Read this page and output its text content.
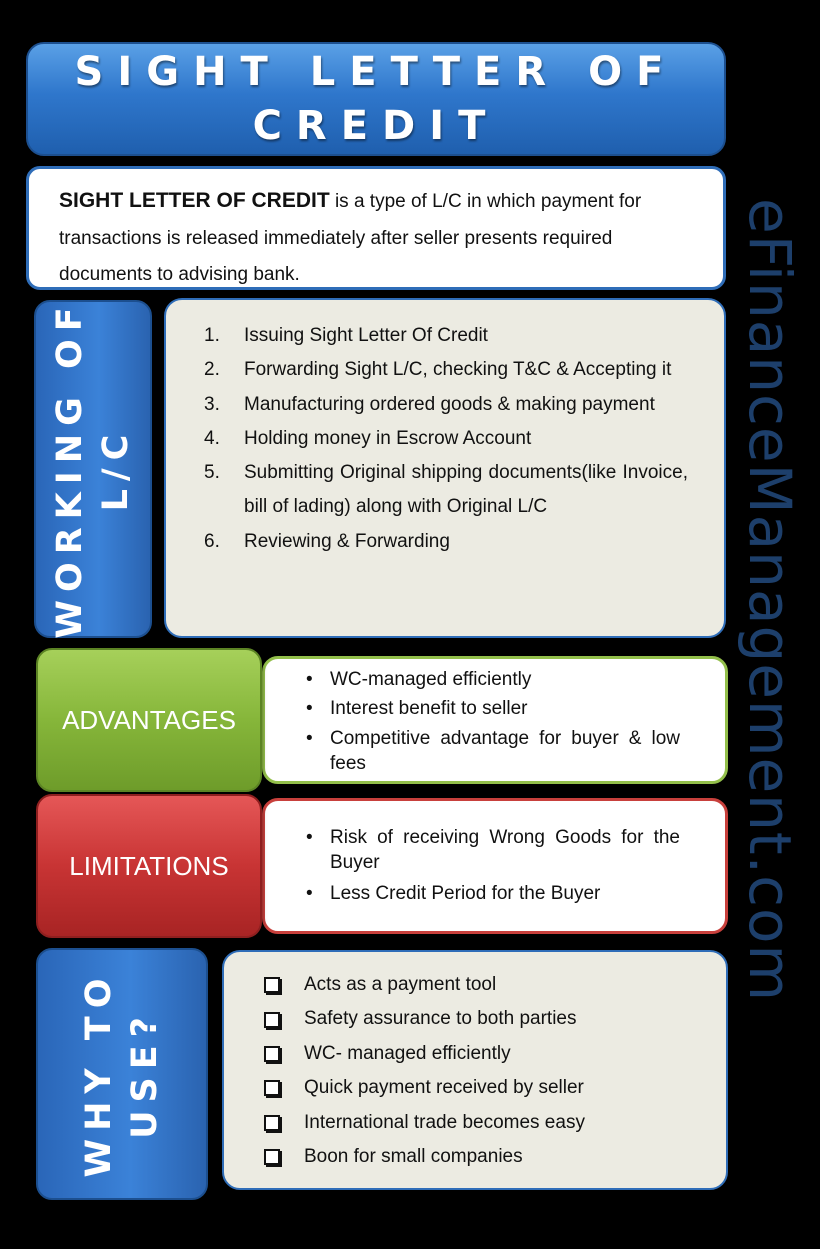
SIGHT LETTER OF
CREDIT
SIGHT LETTER OF CREDIT is a type of L/C in which payment for transactions is released immediately after seller presents required documents to advising bank.
WORKING OF L/C
1.	Issuing Sight Letter Of Credit
2.	Forwarding Sight L/C, checking T&C & Accepting it
3.	Manufacturing ordered goods & making payment
4.	Holding money in Escrow Account
5.	Submitting Original shipping documents(like Invoice, bill of lading) along with Original L/C
6.	Reviewing & Forwarding
ADVANTAGES
• WC-managed efficiently
• Interest benefit to seller
• Competitive advantage for buyer & low fees
LIMITATIONS
• Risk of receiving Wrong Goods for the Buyer
• Less Credit Period for the Buyer
WHY TO USE?
Acts as a payment tool
Safety assurance to both parties
WC- managed efficiently
Quick payment received by seller
International trade becomes easy
Boon for small companies
eFinanceManagement.com
